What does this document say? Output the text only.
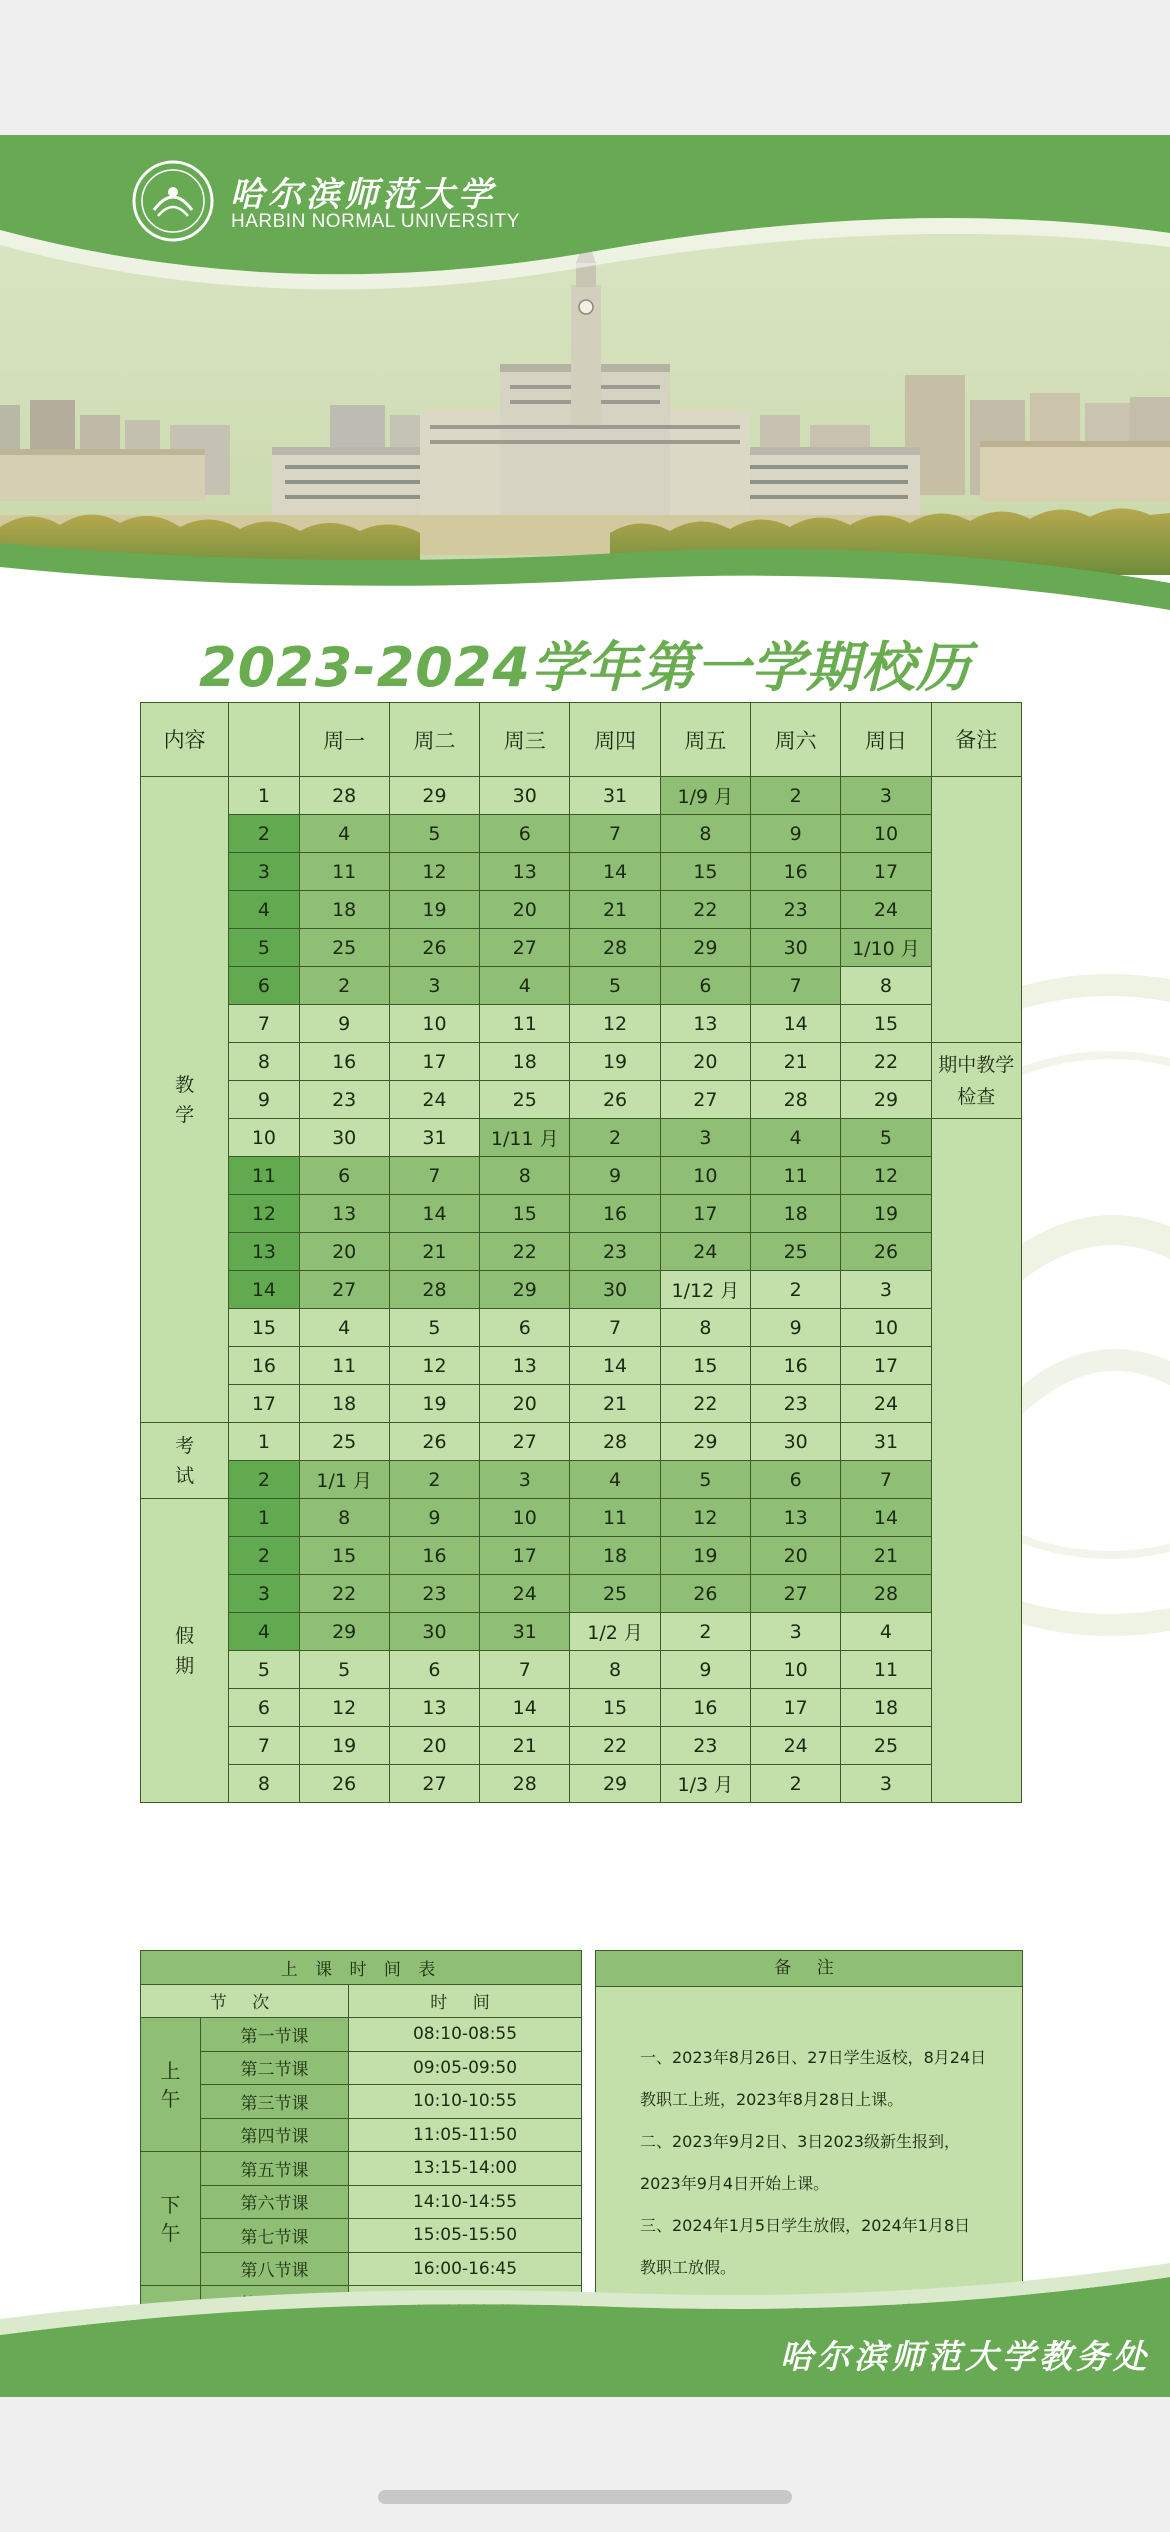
哈尔滨师范大学
HARBIN NORMAL UNIVERSITY
2023-2024学年第一学期校历
内容		周一	周二	周三	周四	周五	周六	周日	备注
教学	1	28	29	30	31	1/9 月	2	3	
	2	4	5	6	7	8	9	10	
	3	11	12	13	14	15	16	17	
	4	18	19	20	21	22	23	24	
	5	25	26	27	28	29	30	1/10 月	
	6	2	3	4	5	6	7	8	
	7	9	10	11	12	13	14	15	
	8	16	17	18	19	20	21	22	期中教学检查
	9	23	24	25	26	27	28	29	
	10	30	31	1/11 月	2	3	4	5	
	11	6	7	8	9	10	11	12	
	12	13	14	15	16	17	18	19	
	13	20	21	22	23	24	25	26	
	14	27	28	29	30	1/12 月	2	3	
	15	4	5	6	7	8	9	10	
	16	11	12	13	14	15	16	17	
	17	18	19	20	21	22	23	24	
考试	1	25	26	27	28	29	30	31	
	2	1/1 月	2	3	4	5	6	7	
假期	1	8	9	10	11	12	13	14	
	2	15	16	17	18	19	20	21	
	3	22	23	24	25	26	27	28	
	4	29	30	31	1/2 月	2	3	4	
	5	5	6	7	8	9	10	11	
	6	12	13	14	15	16	17	18	
	7	19	20	21	22	23	24	25	
	8	26	27	28	29	1/3 月	2	3	
上 课 时 间 表		
节 次		时 间
上午	第一节课	08:10-08:55
	第二节课	09:05-09:50
	第三节课	10:10-10:55
	第四节课	11:05-11:50
下午	第五节课	13:15-14:00
	第六节课	14:10-14:55
	第七节课	15:05-15:50
	第八节课	16:00-16:45

备 注

一、2023年8月26日、27日学生返校，8月24日

教职工上班，2023年8月28日上课。

二、2023年9月2日、3日2023级新生报到，

2023年9月4日开始上课。

三、2024年1月5日学生放假，2024年1月8日

教职工放假。

哈尔滨师范大学教务处
